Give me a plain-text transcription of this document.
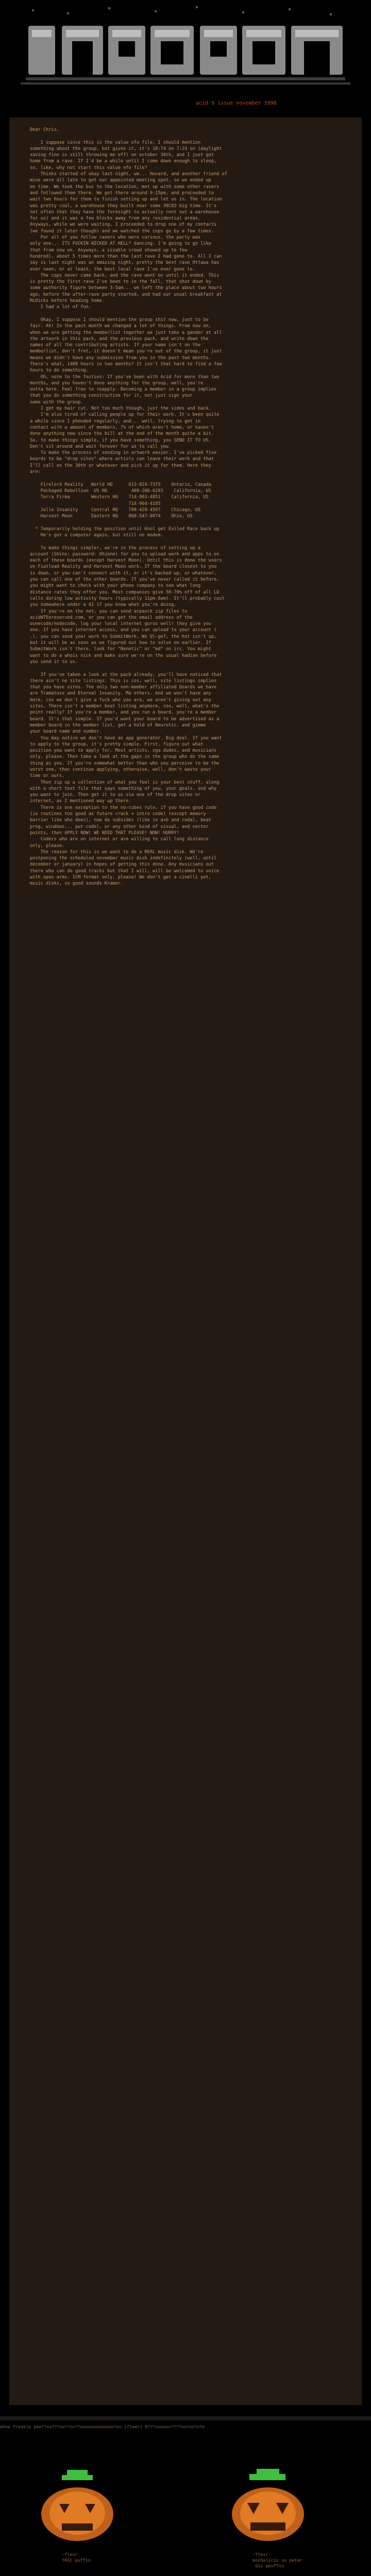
acid-9 issue november 1998
Dear Chris,

I suppose since this is the value nfo file, I should mention
something about the group, but given it, it's 10:74 on 7:24 on (daylight
saving fine is still throwing me off) on october 30th, and I just got
home from a rave. If I'd be a while until I come down enough to sleep,
so, like, why not start this value nfo file?
Thinks started of okay last night, we... Hovard, and another friend of
mine were all late to get our appointed meeting spot, so we ended up
on time. We took the bus to the location, met up with some other ravers
and followed them there. We got there around 9:15pm, and proceeded to
wait two hours for them to finish setting up and let us in. The location
was pretty cool, a warehouse they built near some 30C83 big time. It's
not often that they have the foresight to actually rent out a warehouse
for us) and it was a few blocks away from any residential areas.
Anyways, while we were waiting, I proceeded to drop one of my contacts
(we found it later though) and we watched the cops go by a few times.
For all of you fellow ravers who were curious, the party was
only one... ITS FUCKIN WICKED AT HELL* dancing. I'm going to go like
that from now on. Anyways, a sizable crowd showed up to few
hundred), about 5 times more than the last rave I had gone to. All I can
say is last night was an amazing night, pretty the best rave Ottawa has
ever seen, or at least, the best local rave I've ever gone to.
The cops never came back, and the rave went on until it ended. This
is pretty the first rave I've been to in the fall, that shut down by
some authority figure between 3-5am... we left the place about two hours
ago, before the after-rave party started, and had our usual breakfast at
McDicks before heading home.
I had a lot of fun.

Okay, I suppose I should mention the group shit now, just to be
fair. Ah! In the past month we changed a lot of things. From now on,
when we are getting the memberlist together we just take a gander at all
the artwork in this pack, and the previous pack, and write down the
names of all the contributing artists. If your name isn't on the
memberlist, don't fret, it doesn't mean you're out of the group, it just
means we didn't have any submission from you in the past two months.
There's what, 1400 hours in two months? It isn't that hard to find a few
hours to do something.
Oh, note to the fosties: If you've been with Acid for more than two
months, and you haven't done anything for the group, well, you're
outta here. Feel free to reapply. Becoming a member in a group implies
that you do something constructive for it, not just sign your
name with the group.
I got my hair cut. Not too much though, just the sides and back.
I'm also tired of calling people up for their work. It's been quite
a while since I phonded regularly, and... well, trying to get in
contact with a amount of members, 7% of which aren't home, or haven't
done anything new since the bill at the end of the month quite a bit.
So, to make things simple, if you have something, you SEND IT TO US.
Don't sit around and wait forever for us to call you.
To make the process of sending in artwork easier, I've picked five
boards to be "drop sites" where artists can leave their work and that
I'll call on the 30th or whatever and pick it up for them. Here they
are:

Firelord Reality   World HQ      613-824-7375    Ontario, Canada
Packaged Rebellion  US HQ         408-266-6283    California, US
Terra Firma        Western HQ    714-963-4851    California, US
714-964-4185
Jelle Insanity     Central HQ    708-428-4587    Chicago, US
Harvest Moon       Eastern HQ    860-547-0074    Ohio, US

* Temporarily holding the position until Knol get Exiled Race back up
He's got a computer again, but still no modem.

To make things simpler, we're in the process of setting up a
account (Skins: password: Ohzone) for you to upload work and apps to on
each of these boards (except Harvest Moon). Until this is done the users
on Fiatlead Reality and Harvest Moon work. If the board closest to you
is down, or you can't connect with it, or it's backed up, or whatever,
you can call one of the other boards. If you've never called it before,
you might want to check with your phone company to see what long
distance rates they offer you. Most companies give 50-70% off of all LD
calls during low activity hours (typically 11pm-8am). It'll probably cost
you somewhere under a $1 if you know what you're doing.
If you're on the net, you can send acpaxck zip files to
acidWTEereserved.com, or you can get the email address of the
ounecode/nodecode, log your local internet gurus well! they give you
one. If you have internet access, and you can upload to your account (
.), you can send your work to SubmitWork, Wo Ql-gef, the hot isn't up,
but it will be as soon as we figured out how to solve on earlier. If
SubmitWork isn't there, look for "Nenotic" or "md" on irc. You might
want to do a whois nick and make sure we're on the usual hadian before
you send it to us.

If you've taken a look at the pack already, you'll have noticed that
there ain't no site listings. This is cos, well, site listings implies
that you have sites. The only two non-member affiliated boards we have
are Tramatose and Eternal Insanity. Ma others. And we won't have any
more, cos we don't give a fuck who you are, we aren't giving out any
sites. There isn't a member boat listing anymore, cos, well, what's the
point really? If you're a member, and you run a board, you're a member
board. It's that simple. If you'd want your board to be advertised as a
member board in the member list, get a hold of Neurotic, and gimme
your board name and number.
You may notice we don't have an app generator. Big deal. If you want
to apply to the group, it's pretty simple. First, figure out what
position you want to apply for. Most artists, vga dudes, and musicians
only, please. Then take a look at the gaps in the group who do the same
thing as you. If you're somewhat better than who you perceive to be the
worst one, then continue applying, otherwise, well, don't waste your
time or ours.
Then zip up a collection of what you feel is your best stuff, along
with a short text file that says something of you, your goals, and why
you want to join. Then get it to us via one of the drop sites or
internet, as I mentioned way up there.
There is one exception to the no-cubes rule, if you have good code
(ie routines too good as future crack + intro code) (except memory
barrier like who does), now do subsides (like in a+b and coda), beat
prog, windows... put code), or any other kind of visual, and vector
points, then APPLY NOW! WE NEED THAT PLEASE! NOW! HURRY!
Coders who are on internet or are willing to call long distance
only, please.
The reason for this is we want to do a REAL music disk. We're
postponing the scheduled november music disk indefinitely (well, until
december or january) in hopes of getting this done. Any musicians out
there who can do good tracks but that I will, will be welcomed to voice
with open arms. ICM format only, please! We don't get a cinelli yet,
music disks, so good sounds Kramer.

ahoe freskly pee??vx???oo??oo??ooooooooooooo?oo (fleer) 5???oooooo????oo?oo?o?o
-flexr-
TRIC puffin
-flexr-
mochalicio us peter
dis ppuffin
